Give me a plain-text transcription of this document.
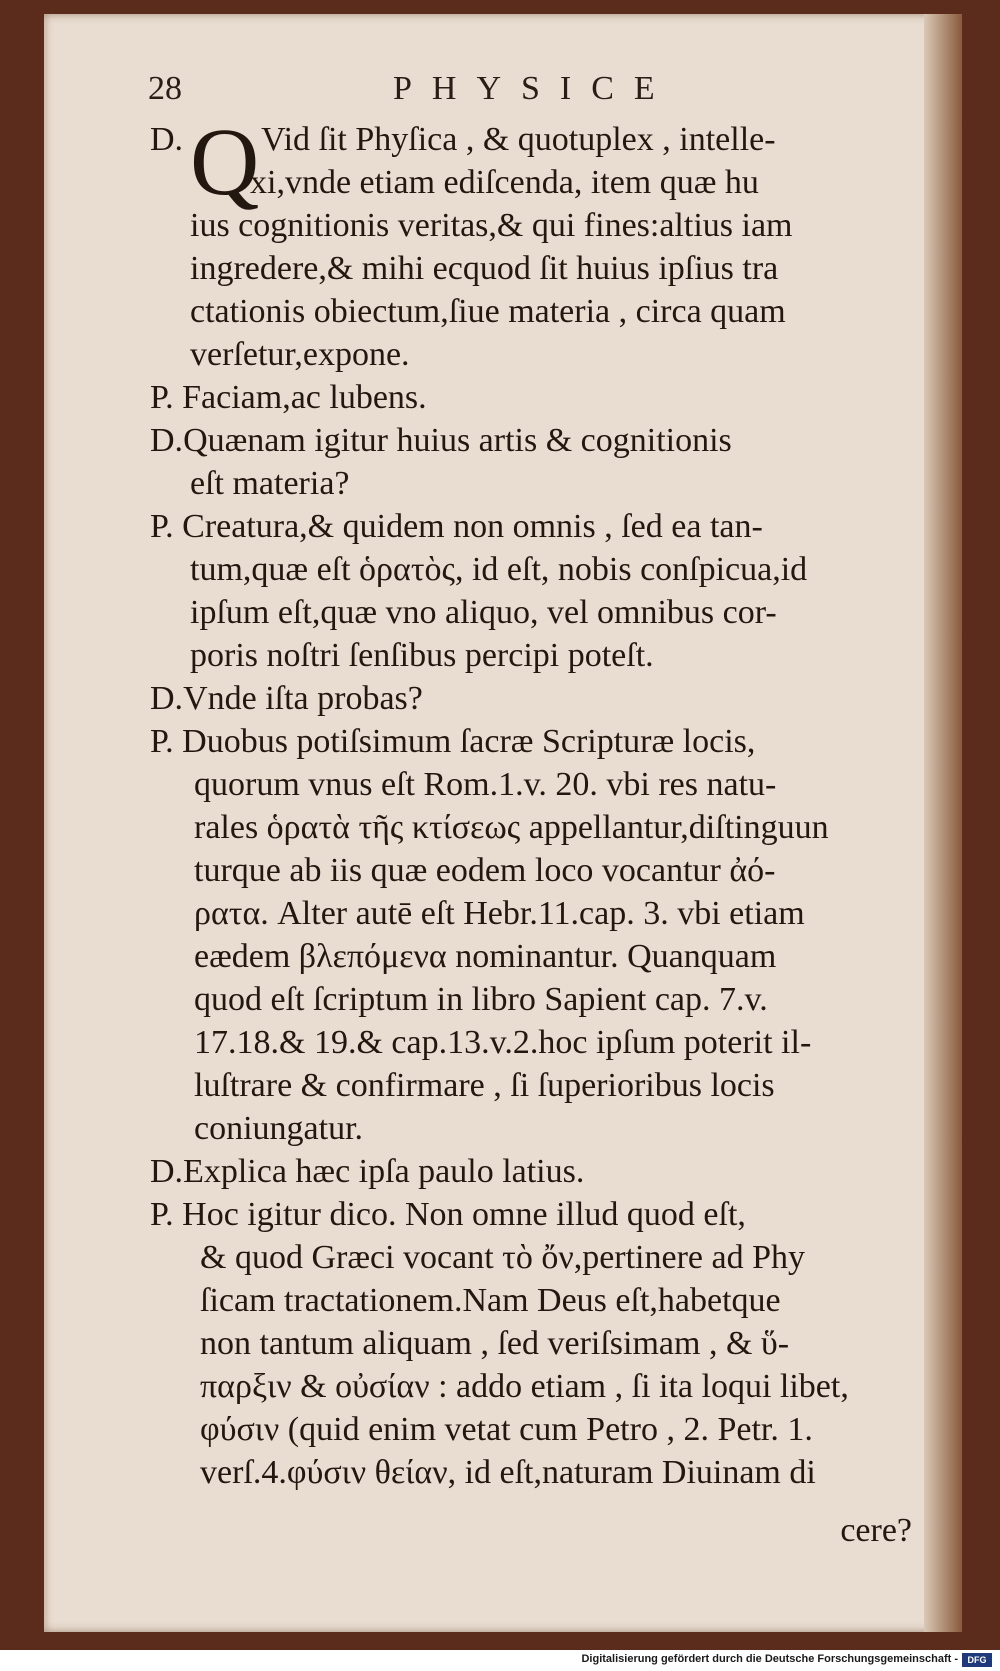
28	PHYSICE
Q
D. Vid ſit Phyſica , & quotuplex , intelle-
xi,vnde etiam ediſcenda, item quæ hu
ius cognitionis veritas,& qui fines:altius iam
ingredere,& mihi ecquod ſit huius ipſius tra
ctationis obiectum,ſiue materia , circa quam
verſetur,expone.
P. Faciam,ac lubens.
D.Quænam igitur huius artis & cognitionis
eſt materia?
P. Creatura,& quidem non omnis , ſed ea tan-
tum,quæ eſt ὁρατὸς, id eſt, nobis conſpicua,id
ipſum eſt,quæ vno aliquo, vel omnibus cor-
poris noſtri ſenſibus percipi poteſt.
D.Vnde iſta probas?
P. Duobus potiſsimum ſacræ Scripturæ locis,
quorum vnus eſt Rom.1.v. 20. vbi res natu-
rales ὁρατὰ τῆς κτίσεως appellantur,diſtinguun
turque ab iis quæ eodem loco vocantur ἀό-
ρατα. Alter autē eſt Hebr.11.cap. 3. vbi etiam
eædem βλεπόμενα nominantur. Quanquam
quod eſt ſcriptum in libro Sapient cap. 7.v.
17.18.& 19.& cap.13.v.2.hoc ipſum poterit il-
luſtrare & confirmare , ſi ſuperioribus locis
coniungatur.
D.Explica hæc ipſa paulo latius.
P. Hoc igitur dico. Non omne illud quod eſt,
& quod Græci vocant τὸ ὄν,pertinere ad Phy
ſicam tractationem.Nam Deus eſt,habetque
non tantum aliquam , ſed veriſsimam , & ὕ-
παρξιν & οὐσίαν : addo etiam , ſi ita loqui libet,
φύσιν (quid enim vetat cum Petro , 2. Petr. 1.
verſ.4.φύσιν θείαν, id eſt,naturam Diuinam di
cere?
Digitalisierung gefördert durch die Deutsche Forschungsgemeinschaft -	DFG
